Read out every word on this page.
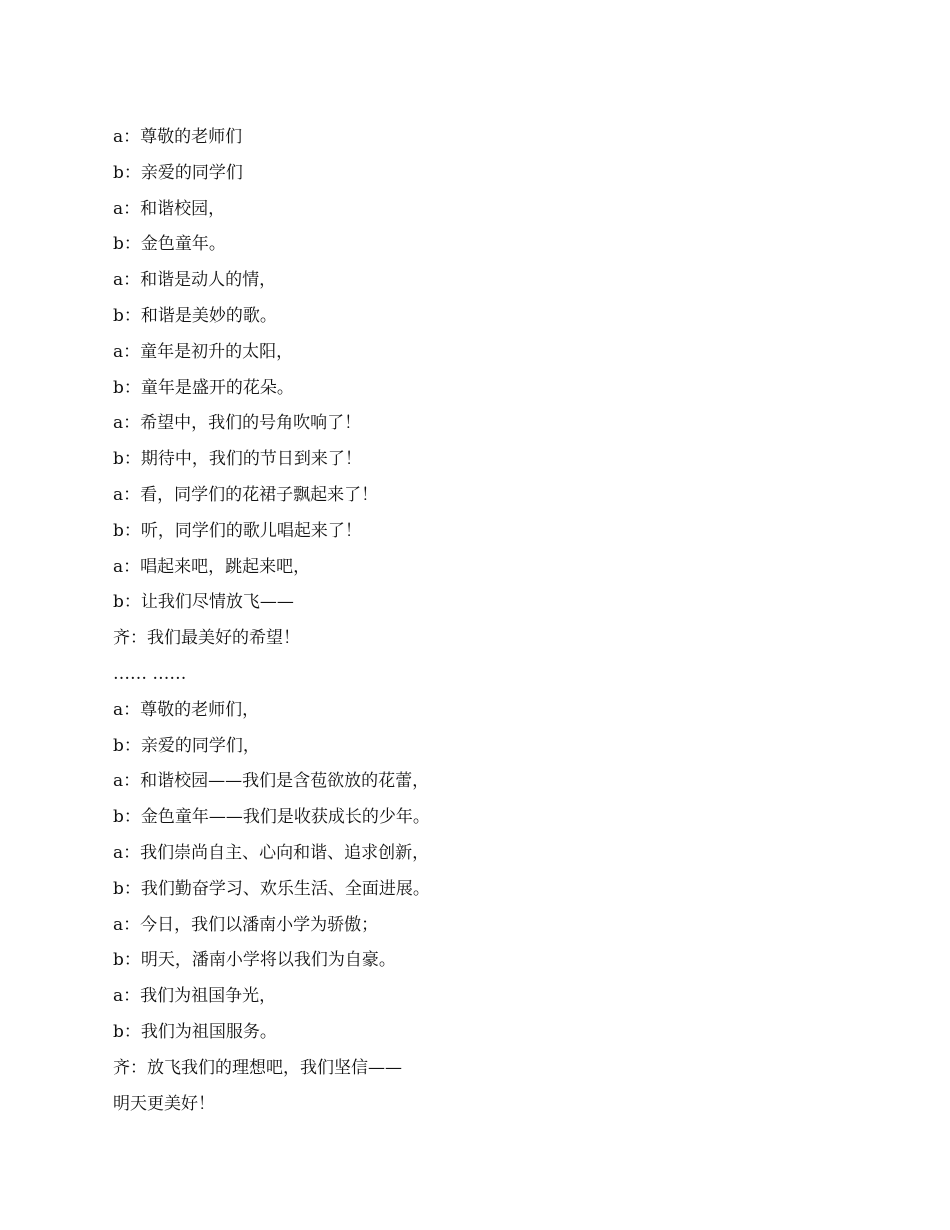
a：尊敬的老师们
b：亲爱的同学们
a：和谐校园，
b：金色童年。
a：和谐是动人的情，
b：和谐是美妙的歌。
a：童年是初升的太阳，
b：童年是盛开的花朵。
a：希望中，我们的号角吹响了！
b：期待中，我们的节日到来了！
a：看，同学们的花裙子飘起来了！
b：听，同学们的歌儿唱起来了！
a：唱起来吧，跳起来吧，
b：让我们尽情放飞——
齐：我们最美好的希望！
…… ……
a：尊敬的老师们，
b：亲爱的同学们，
a：和谐校园——我们是含苞欲放的花蕾，
b：金色童年——我们是收获成长的少年。
a：我们崇尚自主、心向和谐、追求创新，
b：我们勤奋学习、欢乐生活、全面进展。
a：今日，我们以潘南小学为骄傲；
b：明天，潘南小学将以我们为自豪。
a：我们为祖国争光，
b：我们为祖国服务。
齐：放飞我们的理想吧，我们坚信——
明天更美好！
